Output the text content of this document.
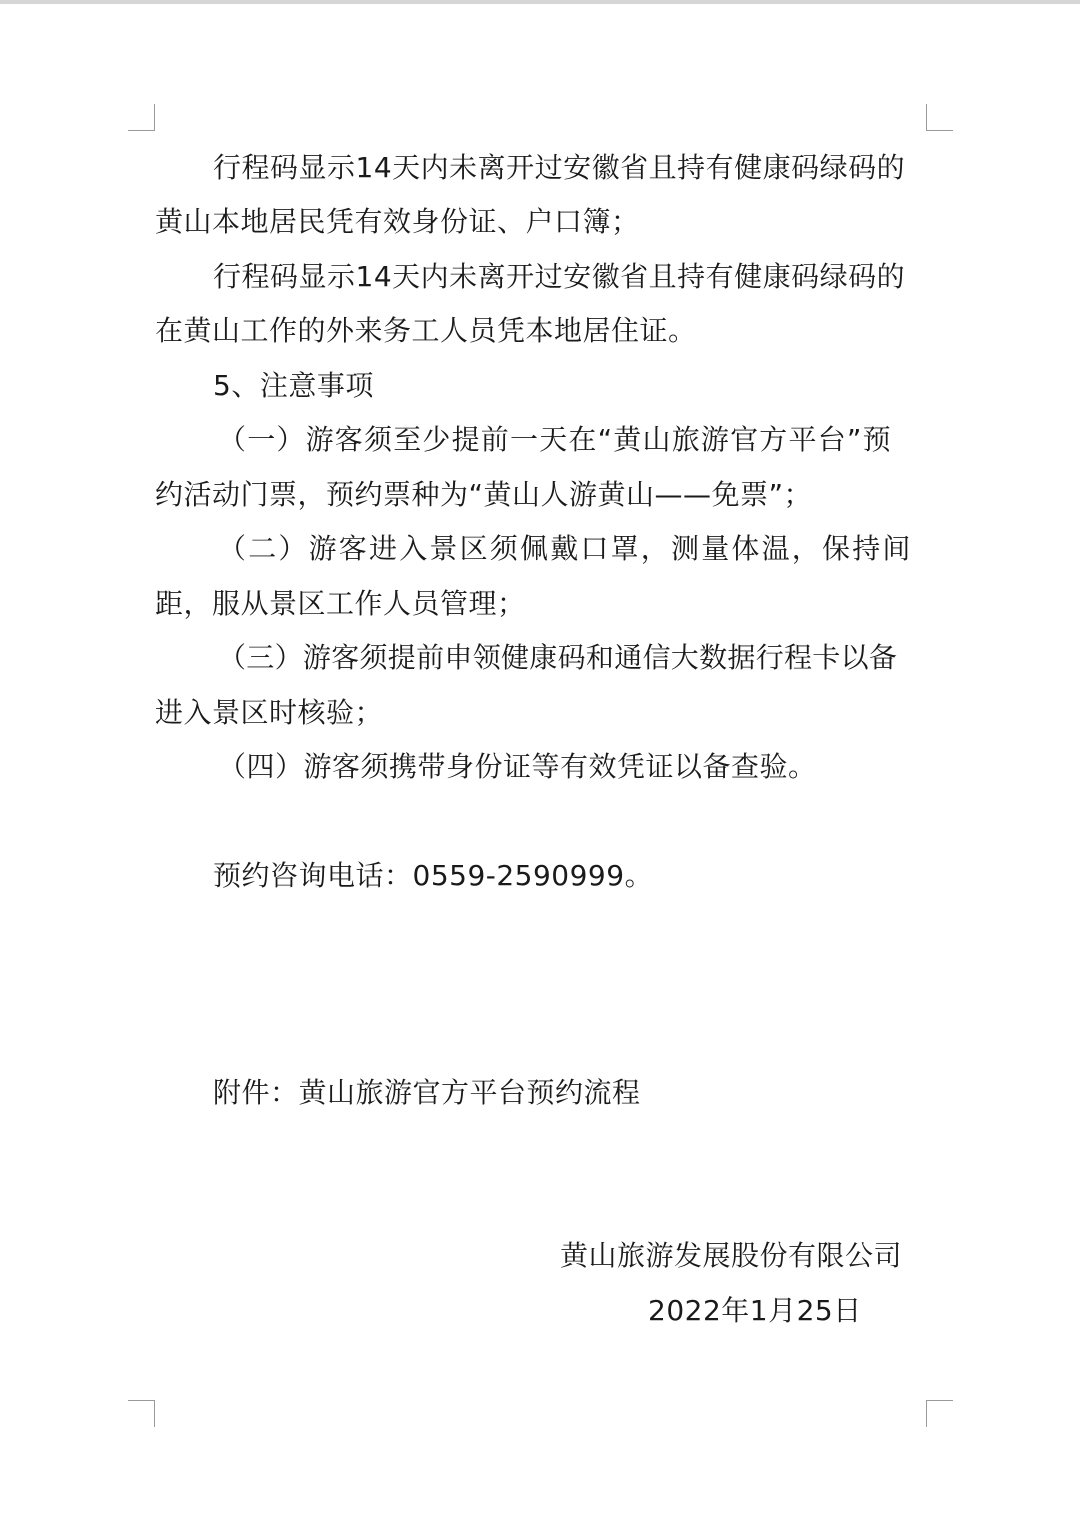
行程码显示14天内未离开过安徽省且持有健康码绿码的
黄山本地居民凭有效身份证、户口簿；
行程码显示14天内未离开过安徽省且持有健康码绿码的
在黄山工作的外来务工人员凭本地居住证。
5、注意事项
（一）游客须至少提前一天在“黄山旅游官方平台”预
约活动门票，预约票种为“黄山人游黄山——免票”；
（二）游客进入景区须佩戴口罩，测量体温，保持间
距，服从景区工作人员管理；
（三）游客须提前申领健康码和通信大数据行程卡以备
进入景区时核验；
（四）游客须携带身份证等有效凭证以备查验。
预约咨询电话：0559-2590999。
附件：黄山旅游官方平台预约流程
黄山旅游发展股份有限公司
2022年1月25日
